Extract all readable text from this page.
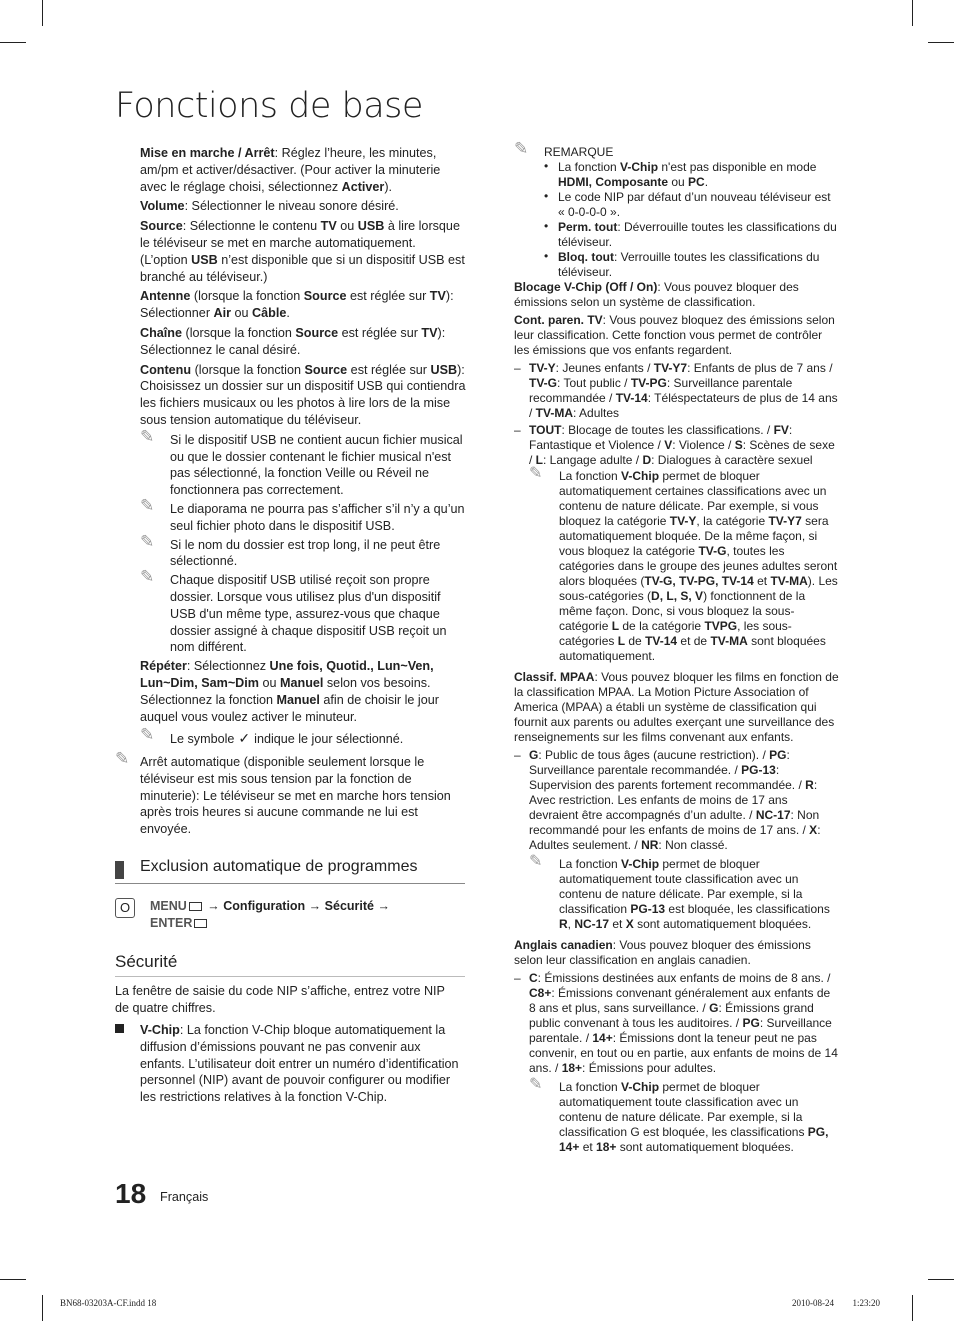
Fonctions de base

Mise en marche / Arrêt: Réglez l’heure, les minutes, am/pm et activer/désactiver. (Pour activer la minuterie avec le réglage choisi, sélectionnez Activer).

Volume: Sélectionner le niveau sonore désiré.

Source: Sélectionne le contenu TV ou USB à lire lorsque le téléviseur se met en marche automatiquement. (L’option USB n’est disponible que si un dispositif USB est branché au téléviseur.)

Antenne (lorsque la fonction Source est réglée sur TV): Sélectionner Air ou Câble.

Chaîne (lorsque la fonction Source est réglée sur TV): Sélectionnez le canal désiré.

Contenu (lorsque la fonction Source est réglée sur USB): Choisissez un dossier sur un dispositif USB qui contiendra les fichiers musicaux ou les photos à lire lors de la mise sous tension automatique du téléviseur.

✎ Si le dispositif USB ne contient aucun fichier musical ou que le dossier contenant le fichier musical n'est pas sélectionné, la fonction Veille ou Réveil ne fonctionnera pas correctement.
✎ Le diaporama ne pourra pas s’afficher s’il n’y a qu’un seul fichier photo dans le dispositif USB.
✎ Si le nom du dossier est trop long, il ne peut être sélectionné.
✎ Chaque dispositif USB utilisé reçoit son propre dossier. Lorsque vous utilisez plus d'un dispositif USB d'un même type, assurez-vous que chaque dossier assigné à chaque dispositif USB reçoit un nom différent.

Répéter: Sélectionnez Une fois, Quotid., Lun~Ven, Lun~Dim, Sam~Dim ou Manuel selon vos besoins. Sélectionnez la fonction Manuel afin de choisir le jour auquel vous voulez activer le minuteur.

✎ Le symbole ✓ indique le jour sélectionné.
✎ Arrêt automatique (disponible seulement lorsque le téléviseur est mis sous tension par la fonction de minuterie): Le téléviseur se met en marche hors tension après trois heures si aucune commande ne lui est envoyée.
Exclusion automatique de programmes
O	MENU → Configuration → Sécurité →
ENTER
Sécurité
La fenêtre de saisie du code NIP s’affiche, entrez votre NIP de quatre chiffres.
V-Chip: La fonction V-Chip bloque automatiquement la diffusion d’émissions pouvant ne pas convenir aux enfants. L’utilisateur doit entrer un numéro d’identification personnel (NIP) avant de pouvoir configurer ou modifier les restrictions relatives à la fonction V-Chip.
✎ REMARQUE
• La fonction V-Chip n'est pas disponible en mode HDMI, Composante ou PC.
• Le code NIP par défaut d’un nouveau téléviseur est
« 0-0-0-0 ».
• Perm. tout: Déverrouille toutes les classifications du téléviseur.
• Bloq. tout: Verrouille toutes les classifications du téléviseur.

Blocage V-Chip (Off / On): Vous pouvez bloquer des émissions selon un système de classification.

Cont. paren. TV: Vous pouvez bloquez des émissions selon leur classification. Cette fonction vous permet de contrôler les émissions que vos enfants regardent.

– TV-Y: Jeunes enfants / TV-Y7: Enfants de plus de 7 ans / TV-G: Tout public / TV-PG: Surveillance parentale recommandée / TV-14: Téléspectateurs de plus de 14 ans / TV-MA: Adultes

– TOUT: Blocage de toutes les classifications. / FV: Fantastique et Violence / V: Violence / S: Scènes de sexe / L: Langage adulte / D: Dialogues à caractère sexuel

✎ La fonction V-Chip permet de bloquer automatiquement certaines classifications avec un contenu de nature délicate. Par exemple, si vous bloquez la catégorie TV-Y, la catégorie TV-Y7 sera automatiquement bloquée. De la même façon, si vous bloquez la catégorie TV-G, toutes les catégories dans le groupe des jeunes adultes seront alors bloquées (TV-G, TV-PG, TV-14 et TV-MA). Les sous-catégories (D, L, S, V) fonctionnent de la même façon. Donc, si vous bloquez la sous-catégorie L de la catégorie TVPG, les sous-catégories L de TV-14 et de TV-MA sont bloquées automatiquement.

Classif. MPAA: Vous pouvez bloquer les films en fonction de la classification MPAA. La Motion Picture Association of America (MPAA) a établi un système de classification qui fournit aux parents ou adultes exerçant une surveillance des renseignements sur les films convenant aux enfants.

– G: Public de tous âges (aucune restriction). / PG: Surveillance parentale recommandée. / PG-13: Supervision des parents fortement recommandée. / R: Avec restriction. Les enfants de moins de 17 ans devraient être accompagnés d’un adulte. / NC-17: Non recommandé pour les enfants de moins de 17 ans. / X: Adultes seulement. / NR: Non classé.

✎ La fonction V-Chip permet de bloquer automatiquement toute classification avec un contenu de nature délicate. Par exemple, si la classification PG-13 est bloquée, les classifications R, NC-17 et X sont automatiquement bloquées.

Anglais canadien: Vous pouvez bloquer des émissions selon leur classification en anglais canadien.

– C: Émissions destinées aux enfants de moins de 8 ans. / C8+: Émissions convenant généralement aux enfants de 8 ans et plus, sans surveillance. / G: Émissions grand public convenant à tous les auditoires. / PG: Surveillance parentale. / 14+: Émissions dont la teneur peut ne pas convenir, en tout ou en partie, aux enfants de moins de 14 ans. / 18+: Émissions pour adultes.

✎ La fonction V-Chip permet de bloquer automatiquement toute classification avec un contenu de nature délicate. Par exemple, si la classification G est bloquée, les classifications PG, 14+ et 18+ sont automatiquement bloquées.
18 Français
BN68-03203A-CF.indd 18	2010-08-24 ￿￿ 1:23:20
